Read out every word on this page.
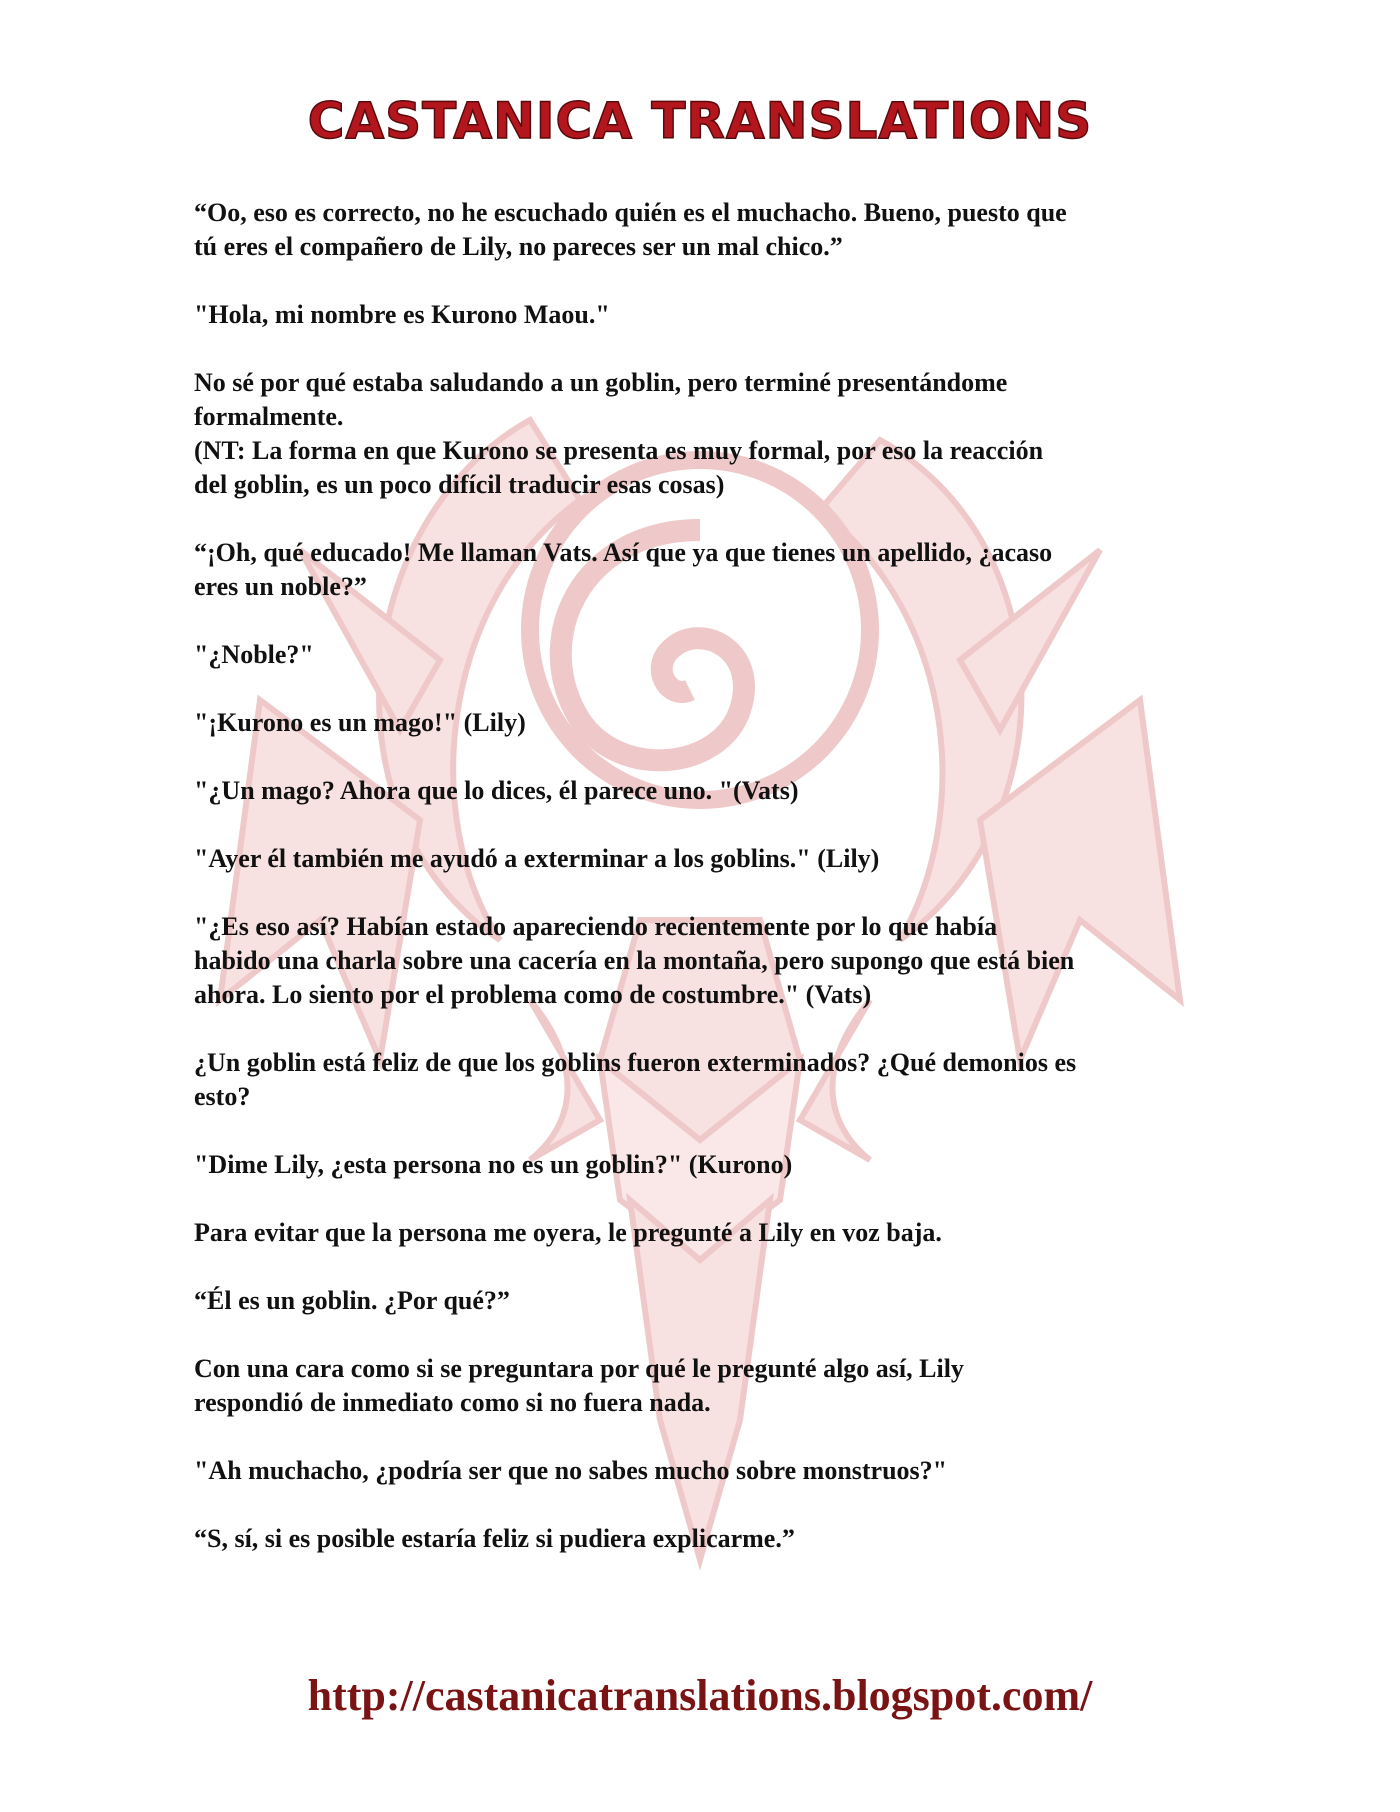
CASTANICA TRANSLATIONS

“Oo, eso es correcto, no he escuchado quién es el muchacho. Bueno, puesto que
tú eres el compañero de Lily, no pareces ser un mal chico.”

"Hola, mi nombre es Kurono Maou."

No sé por qué estaba saludando a un goblin, pero terminé presentándome
formalmente.
(NT: La forma en que Kurono se presenta es muy formal, por eso la reacción
del goblin, es un poco difícil traducir esas cosas)

“¡Oh, qué educado! Me llaman Vats. Así que ya que tienes un apellido, ¿acaso
eres un noble?”

"¿Noble?"

"¡Kurono es un mago!" (Lily)

"¿Un mago? Ahora que lo dices, él parece uno. "(Vats)

"Ayer él también me ayudó a exterminar a los goblins." (Lily)

"¿Es eso así? Habían estado apareciendo recientemente por lo que había
habido una charla sobre una cacería en la montaña, pero supongo que está bien
ahora. Lo siento por el problema como de costumbre." (Vats)

¿Un goblin está feliz de que los goblins fueron exterminados? ¿Qué demonios es
esto?

"Dime Lily, ¿esta persona no es un goblin?" (Kurono)

Para evitar que la persona me oyera, le pregunté a Lily en voz baja.

“Él es un goblin. ¿Por qué?”

Con una cara como si se preguntara por qué le pregunté algo así, Lily
respondió de inmediato como si no fuera nada.

"Ah muchacho, ¿podría ser que no sabes mucho sobre monstruos?"

“S, sí, si es posible estaría feliz si pudiera explicarme.”

http://castanicatranslations.blogspot.com/
